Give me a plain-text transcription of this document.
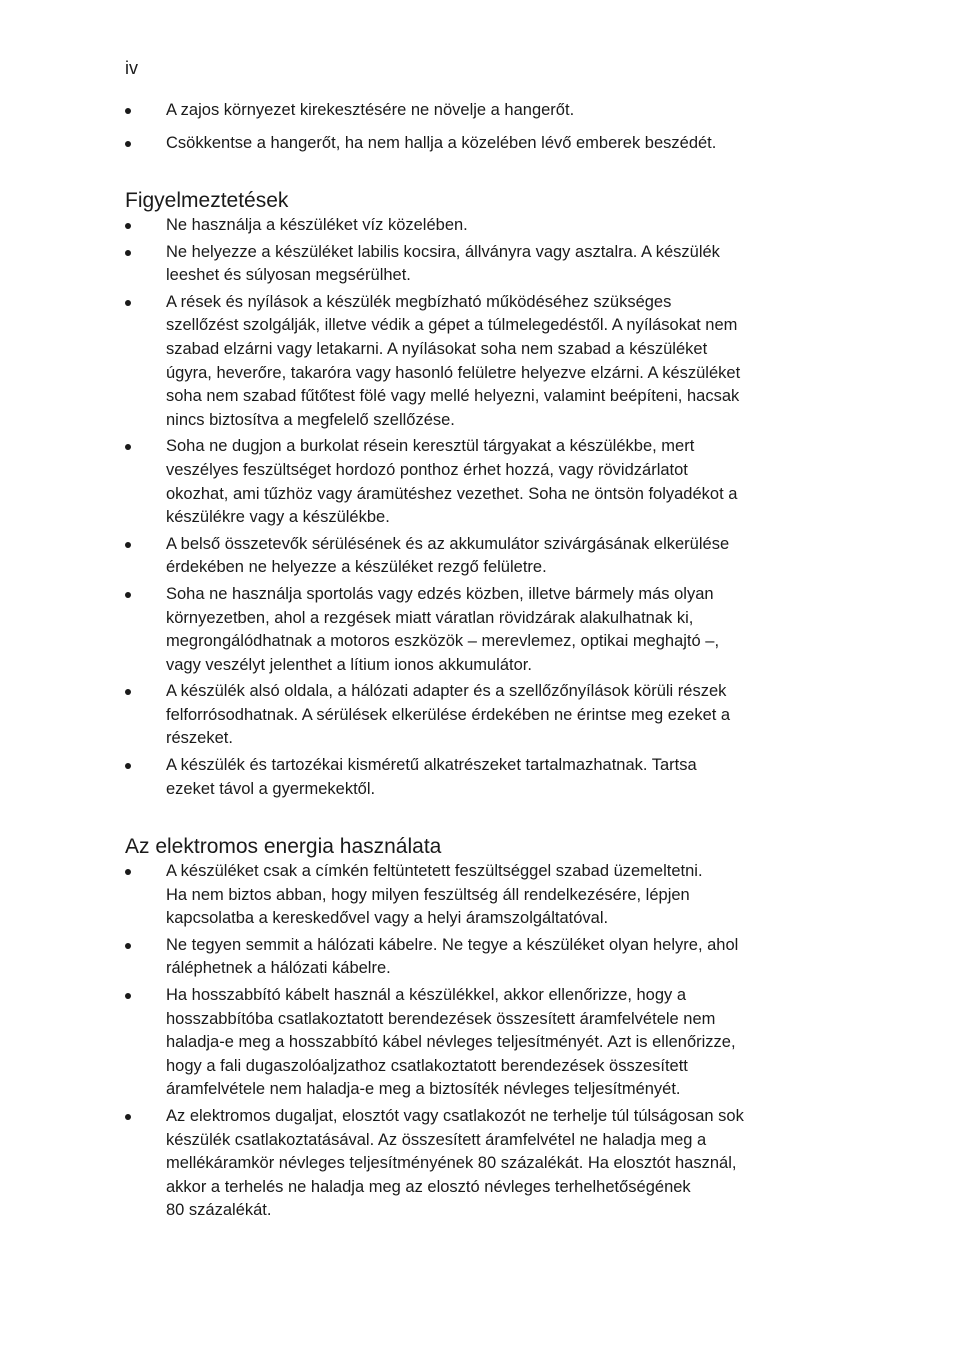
iv
A zajos környezet kirekesztésére ne növelje a hangerőt.
Csökkentse a hangerőt, ha nem hallja a közelében lévő emberek beszédét.
Figyelmeztetések
Ne használja a készüléket víz közelében.
Ne helyezze a készüléket labilis kocsira, állványra vagy asztalra. A készülék
leeshet és súlyosan megsérülhet.
A rések és nyílások a készülék megbízható működéséhez szükséges
szellőzést szolgálják, illetve védik a gépet a túlmelegedéstől. A nyílásokat nem
szabad elzárni vagy letakarni. A nyílásokat soha nem szabad a készüléket
úgyra, heverőre, takaróra vagy hasonló felületre helyezve elzárni. A készüléket
soha nem szabad fűtőtest fölé vagy mellé helyezni, valamint beépíteni, hacsak
nincs biztosítva a megfelelő szellőzése.
Soha ne dugjon a burkolat résein keresztül tárgyakat a készülékbe, mert
veszélyes feszültséget hordozó ponthoz érhet hozzá, vagy rövidzárlatot
okozhat, ami tűzhöz vagy áramütéshez vezethet. Soha ne öntsön folyadékot a
készülékre vagy a készülékbe.
A belső összetevők sérülésének és az akkumulátor szivárgásának elkerülése
érdekében ne helyezze a készüléket rezgő felületre.
Soha ne használja sportolás vagy edzés közben, illetve bármely más olyan
környezetben, ahol a rezgések miatt váratlan rövidzárak alakulhatnak ki,
megrongálódhatnak a motoros eszközök – merevlemez, optikai meghajtó –,
vagy veszélyt jelenthet a lítium ionos akkumulátor.
A készülék alsó oldala, a hálózati adapter és a szellőzőnyílások körüli részek
felforrósodhatnak. A sérülések elkerülése érdekében ne érintse meg ezeket a
részeket.
A készülék és tartozékai kisméretű alkatrészeket tartalmazhatnak. Tartsa
ezeket távol a gyermekektől.
Az elektromos energia használata
A készüléket csak a címkén feltüntetett feszültséggel szabad üzemeltetni.
Ha nem biztos abban, hogy milyen feszültség áll rendelkezésére, lépjen
kapcsolatba a kereskedővel vagy a helyi áramszolgáltatóval.
Ne tegyen semmit a hálózati kábelre. Ne tegye a készüléket olyan helyre, ahol
ráléphetnek a hálózati kábelre.
Ha hosszabbító kábelt használ a készülékkel, akkor ellenőrizze, hogy a
hosszabbítóba csatlakoztatott berendezések összesített áramfelvétele nem
haladja-e meg a hosszabbító kábel névleges teljesítményét. Azt is ellenőrizze,
hogy a fali dugaszolóaljzathoz csatlakoztatott berendezések összesített
áramfelvétele nem haladja-e meg a biztosíték névleges teljesítményét.
Az elektromos dugaljat, elosztót vagy csatlakozót ne terhelje túl túlságosan sok
készülék csatlakoztatásával. Az összesített áramfelvétel ne haladja meg a
mellékáramkör névleges teljesítményének 80 százalékát. Ha elosztót használ,
akkor a terhelés ne haladja meg az elosztó névleges terhelhetőségének
80 százalékát.
